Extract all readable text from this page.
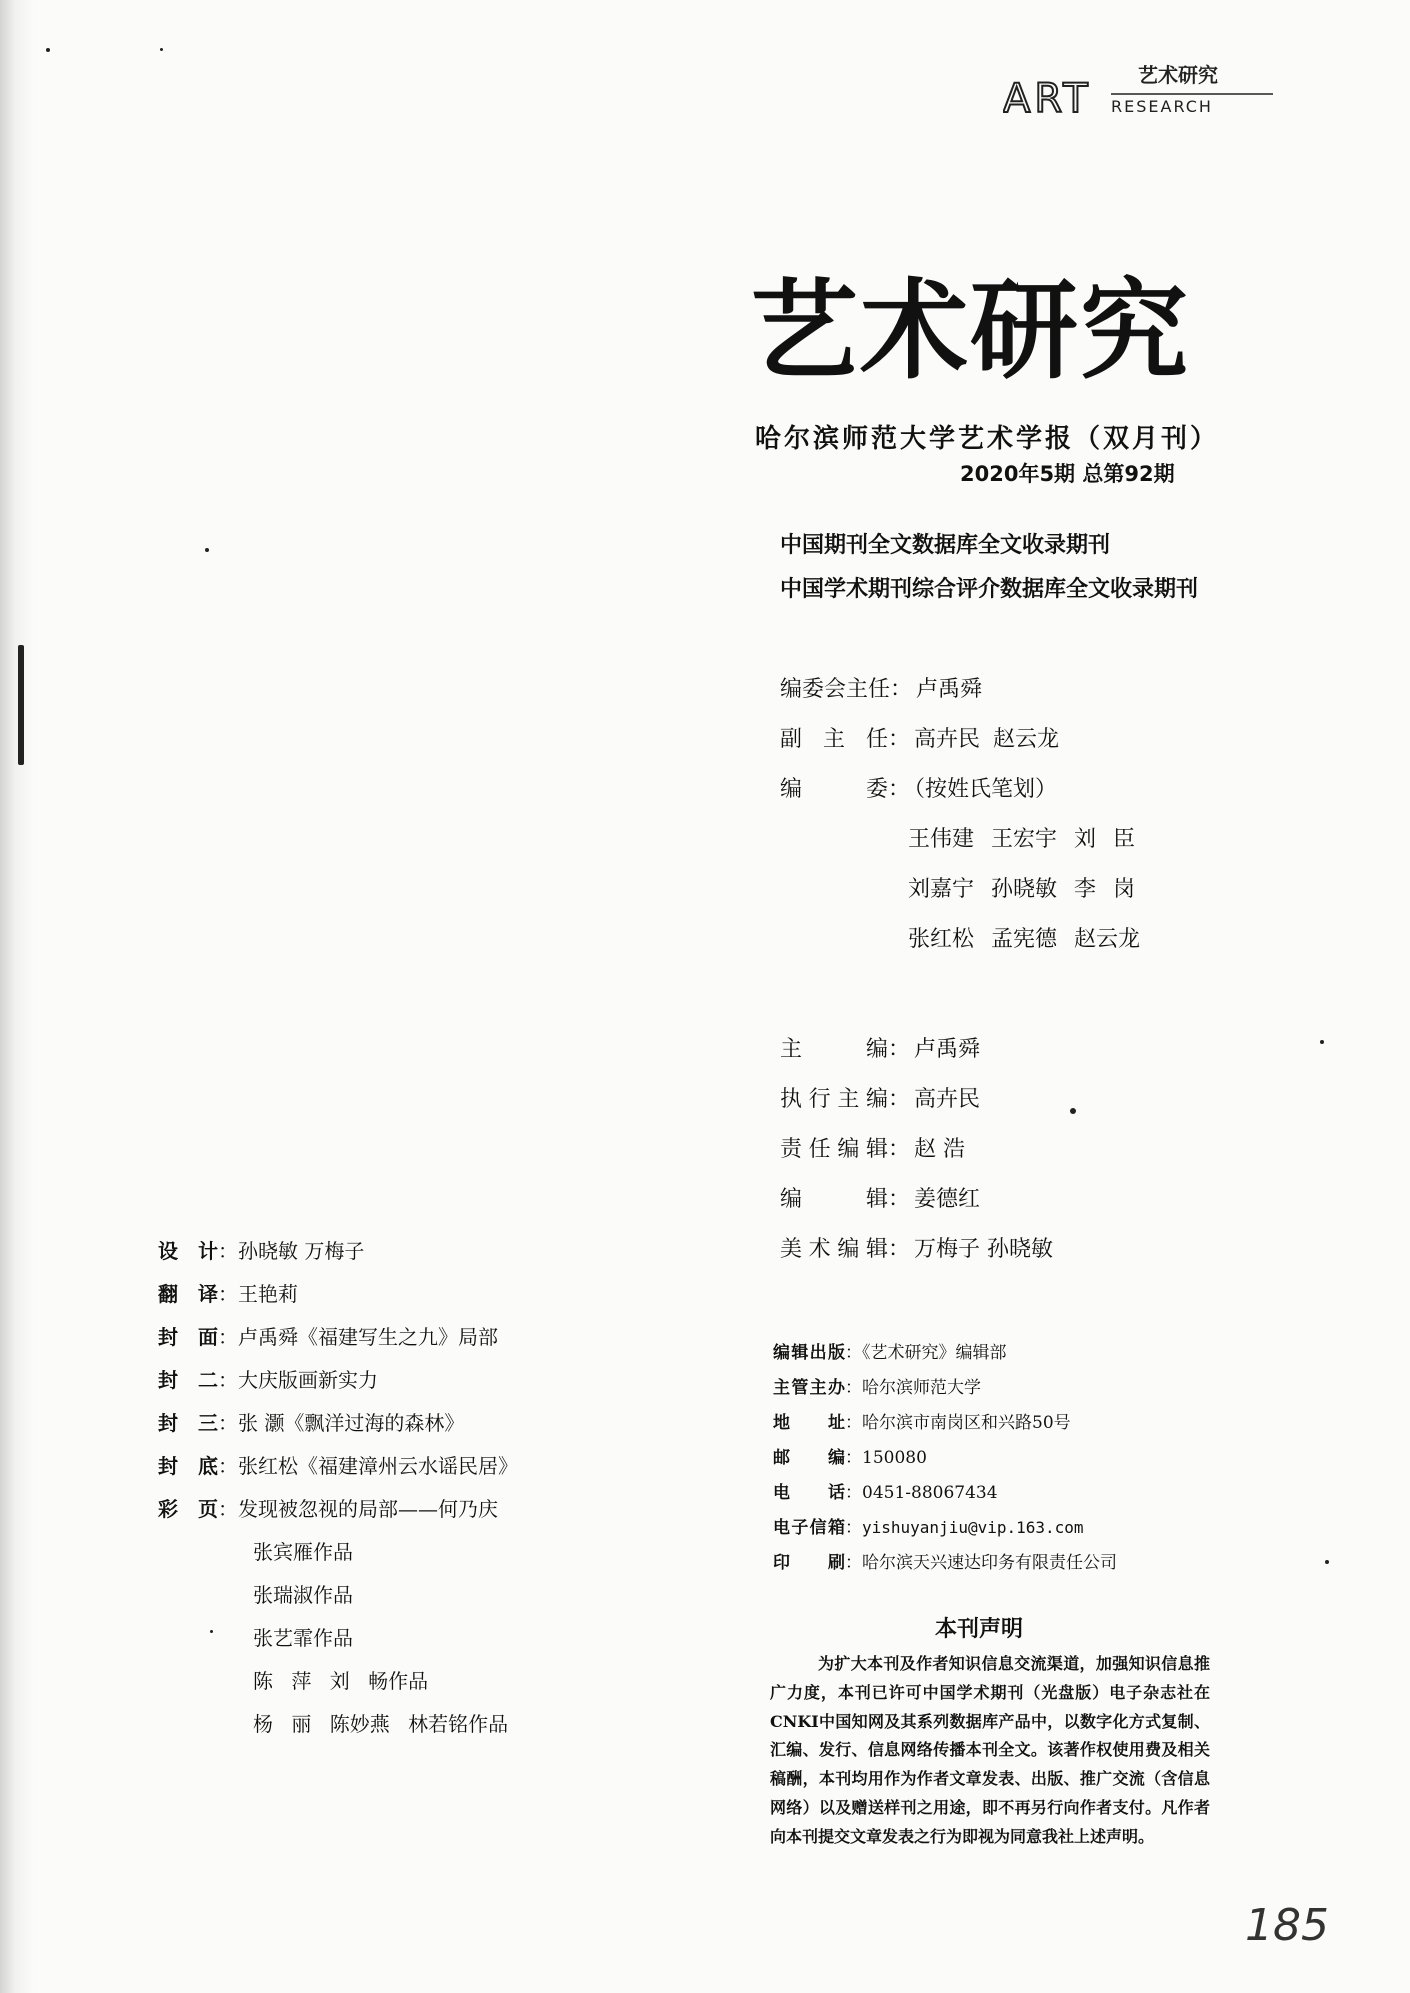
艺术研究
ART RESEARCH
艺术研究
哈尔滨师范大学艺术学报（双月刊）
2020年5期 总第92期
中国期刊全文数据库全文收录期刊
中国学术期刊综合评介数据库全文收录期刊
编委会主任： 卢禹舜
副主任： 高卉民 赵云龙
编委： （按姓氏笔划）
王伟建 王宏宇 刘 臣
刘嘉宁 孙晓敏 李 岗
张红松 孟宪德 赵云龙
主编： 卢禹舜
执行主编： 高卉民
责任编辑： 赵 浩
编辑： 姜德红
美术编辑： 万梅子 孙晓敏
设计：孙晓敏 万梅子
翻译：王艳莉
封面：卢禹舜《福建写生之九》局部
封二：大庆版画新实力
封三：张 灏《飘洋过海的森林》
封底：张红松《福建漳州云水谣民居》
彩页：发现被忽视的局部——何乃庆
张宾雁作品
张瑞淑作品
张艺霏作品
陈 萍 刘 畅作品
杨 丽 陈妙燕 林若铭作品
编辑出版：《艺术研究》编辑部
主管主办：哈尔滨师范大学
地址：哈尔滨市南岗区和兴路50号
邮编：150080
电话：0451-88067434
电子信箱：yishuyanjiu@vip.163.com
印刷：哈尔滨天兴速达印务有限责任公司
本刊声明
为扩大本刊及作者知识信息交流渠道，加强知识信息推广力度，本刊已许可中国学术期刊（光盘版）电子杂志社在CNKI中国知网及其系列数据库产品中，以数字化方式复制、汇编、发行、信息网络传播本刊全文。该著作权使用费及相关稿酬，本刊均用作为作者文章发表、出版、推广交流（含信息网络）以及赠送样刊之用途，即不再另行向作者支付。凡作者向本刊提交文章发表之行为即视为同意我社上述声明。
185
